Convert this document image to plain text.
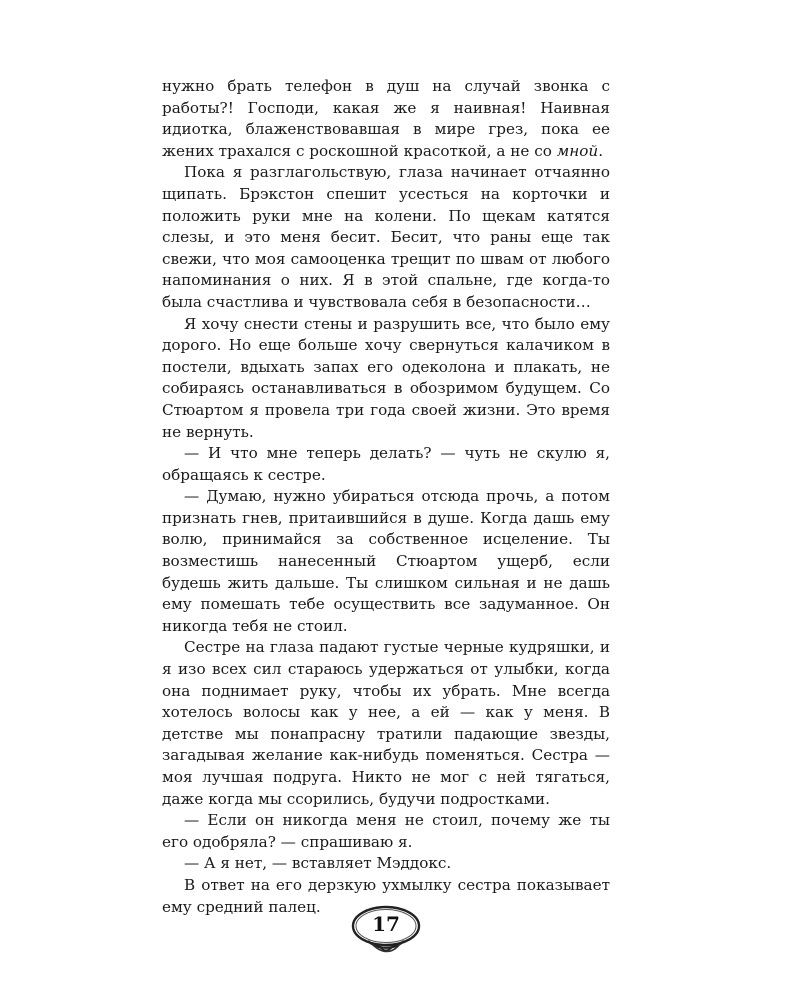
нужно брать телефон в душ на случай звонка с работы?! Господи, какая же я наивная! Наивная идиотка, блаженствовавшая в мире грез, пока ее жених трахался с роскошной красоткой, а не со мной.

Пока я разглагольствую, глаза начинает отчаянно щипать. Брэкстон спешит усесться на корточки и положить руки мне на колени. По щекам катятся слезы, и это меня бесит. Бесит, что раны еще так свежи, что моя самооценка трещит по швам от любого напоминания о них. Я в этой спальне, где когда-то была счастлива и чувствовала себя в безопасности…

Я хочу снести стены и разрушить все, что было ему дорого. Но еще больше хочу свернуться калачиком в постели, вдыхать запах его одеколона и плакать, не собираясь останавливаться в обозримом будущем. Со Стюартом я провела три года своей жизни. Это время не вернуть.

— И что мне теперь делать? — чуть не скулю я, обращаясь к сестре.

— Думаю, нужно убираться отсюда прочь, а потом признать гнев, притаившийся в душе. Когда дашь ему волю, принимайся за собственное исцеление. Ты возместишь нанесенный Стюартом ущерб, если будешь жить дальше. Ты слишком сильная и не дашь ему помешать тебе осуществить все задуманное. Он никогда тебя не стоил.

Сестре на глаза падают густые черные кудряшки, и я изо всех сил стараюсь удержаться от улыбки, когда она поднимает руку, чтобы их убрать. Мне всегда хотелось волосы как у нее, а ей — как у меня. В детстве мы понапрасну тратили падающие звезды, загадывая желание как-нибудь поменяться. Сестра — моя лучшая подруга. Никто не мог с ней тягаться, даже когда мы ссорились, будучи подростками.

— Если он никогда меня не стоил, почему же ты его одобряла? — спрашиваю я.

— А я нет, — вставляет Мэддокс.

В ответ на его дерзкую ухмылку сестра показывает ему средний палец.

17
